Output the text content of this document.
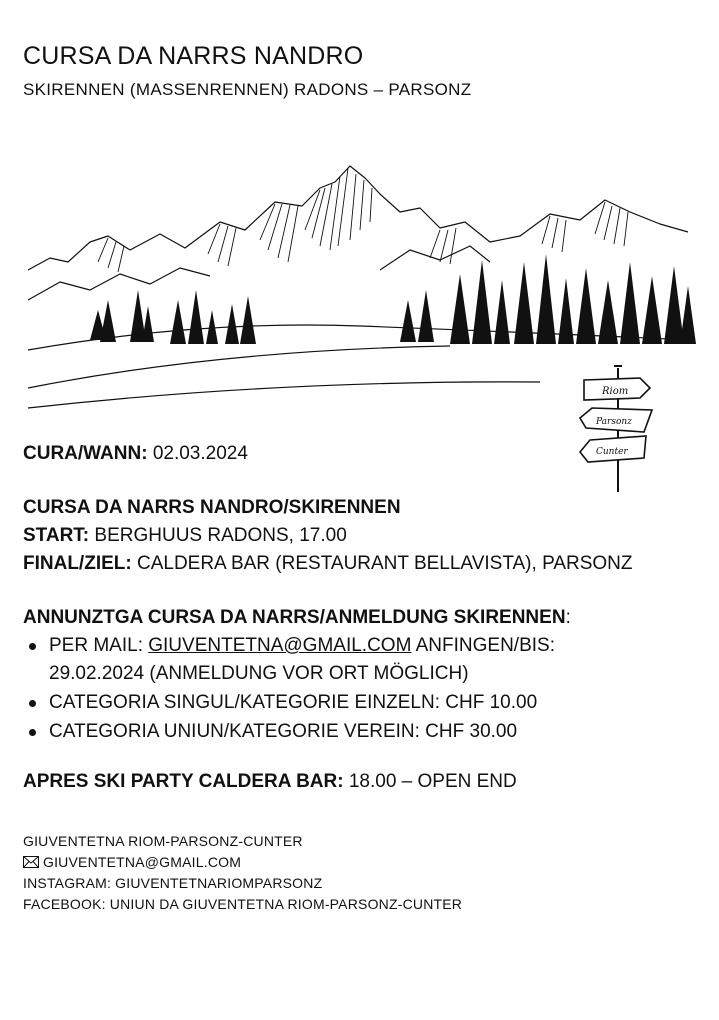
CURSA DA NARRS NANDRO

SKIRENNEN (MASSENRENNEN) RADONS – PARSONZ

Riom
Parsonz
Cunter
CURA/WANN: 02.03.2024
CURSA DA NARRS NANDRO/SKIRENNEN
START: BERGHUUS RADONS, 17.00
FINAL/ZIEL: CALDERA BAR (RESTAURANT BELLAVISTA), PARSONZ
ANNUNZTGA CURSA DA NARRS/ANMELDUNG SKIRENNEN:
PER MAIL: GIUVENTETNA@GMAIL.COM ANFINGEN/BIS: 29.02.2024 (ANMELDUNG VOR ORT MÖGLICH)
CATEGORIA SINGUL/KATEGORIE EINZELN: CHF 10.00
CATEGORIA UNIUN/KATEGORIE VEREIN: CHF 30.00
APRES SKI PARTY CALDERA BAR: 18.00 – OPEN END
GIUVENTETNA RIOM-PARSONZ-CUNTER
GIUVENTETNA@GMAIL.COM
INSTAGRAM: GIUVENTETNARIOMPARSONZ
FACEBOOK: UNIUN DA GIUVENTETNA RIOM-PARSONZ-CUNTER
